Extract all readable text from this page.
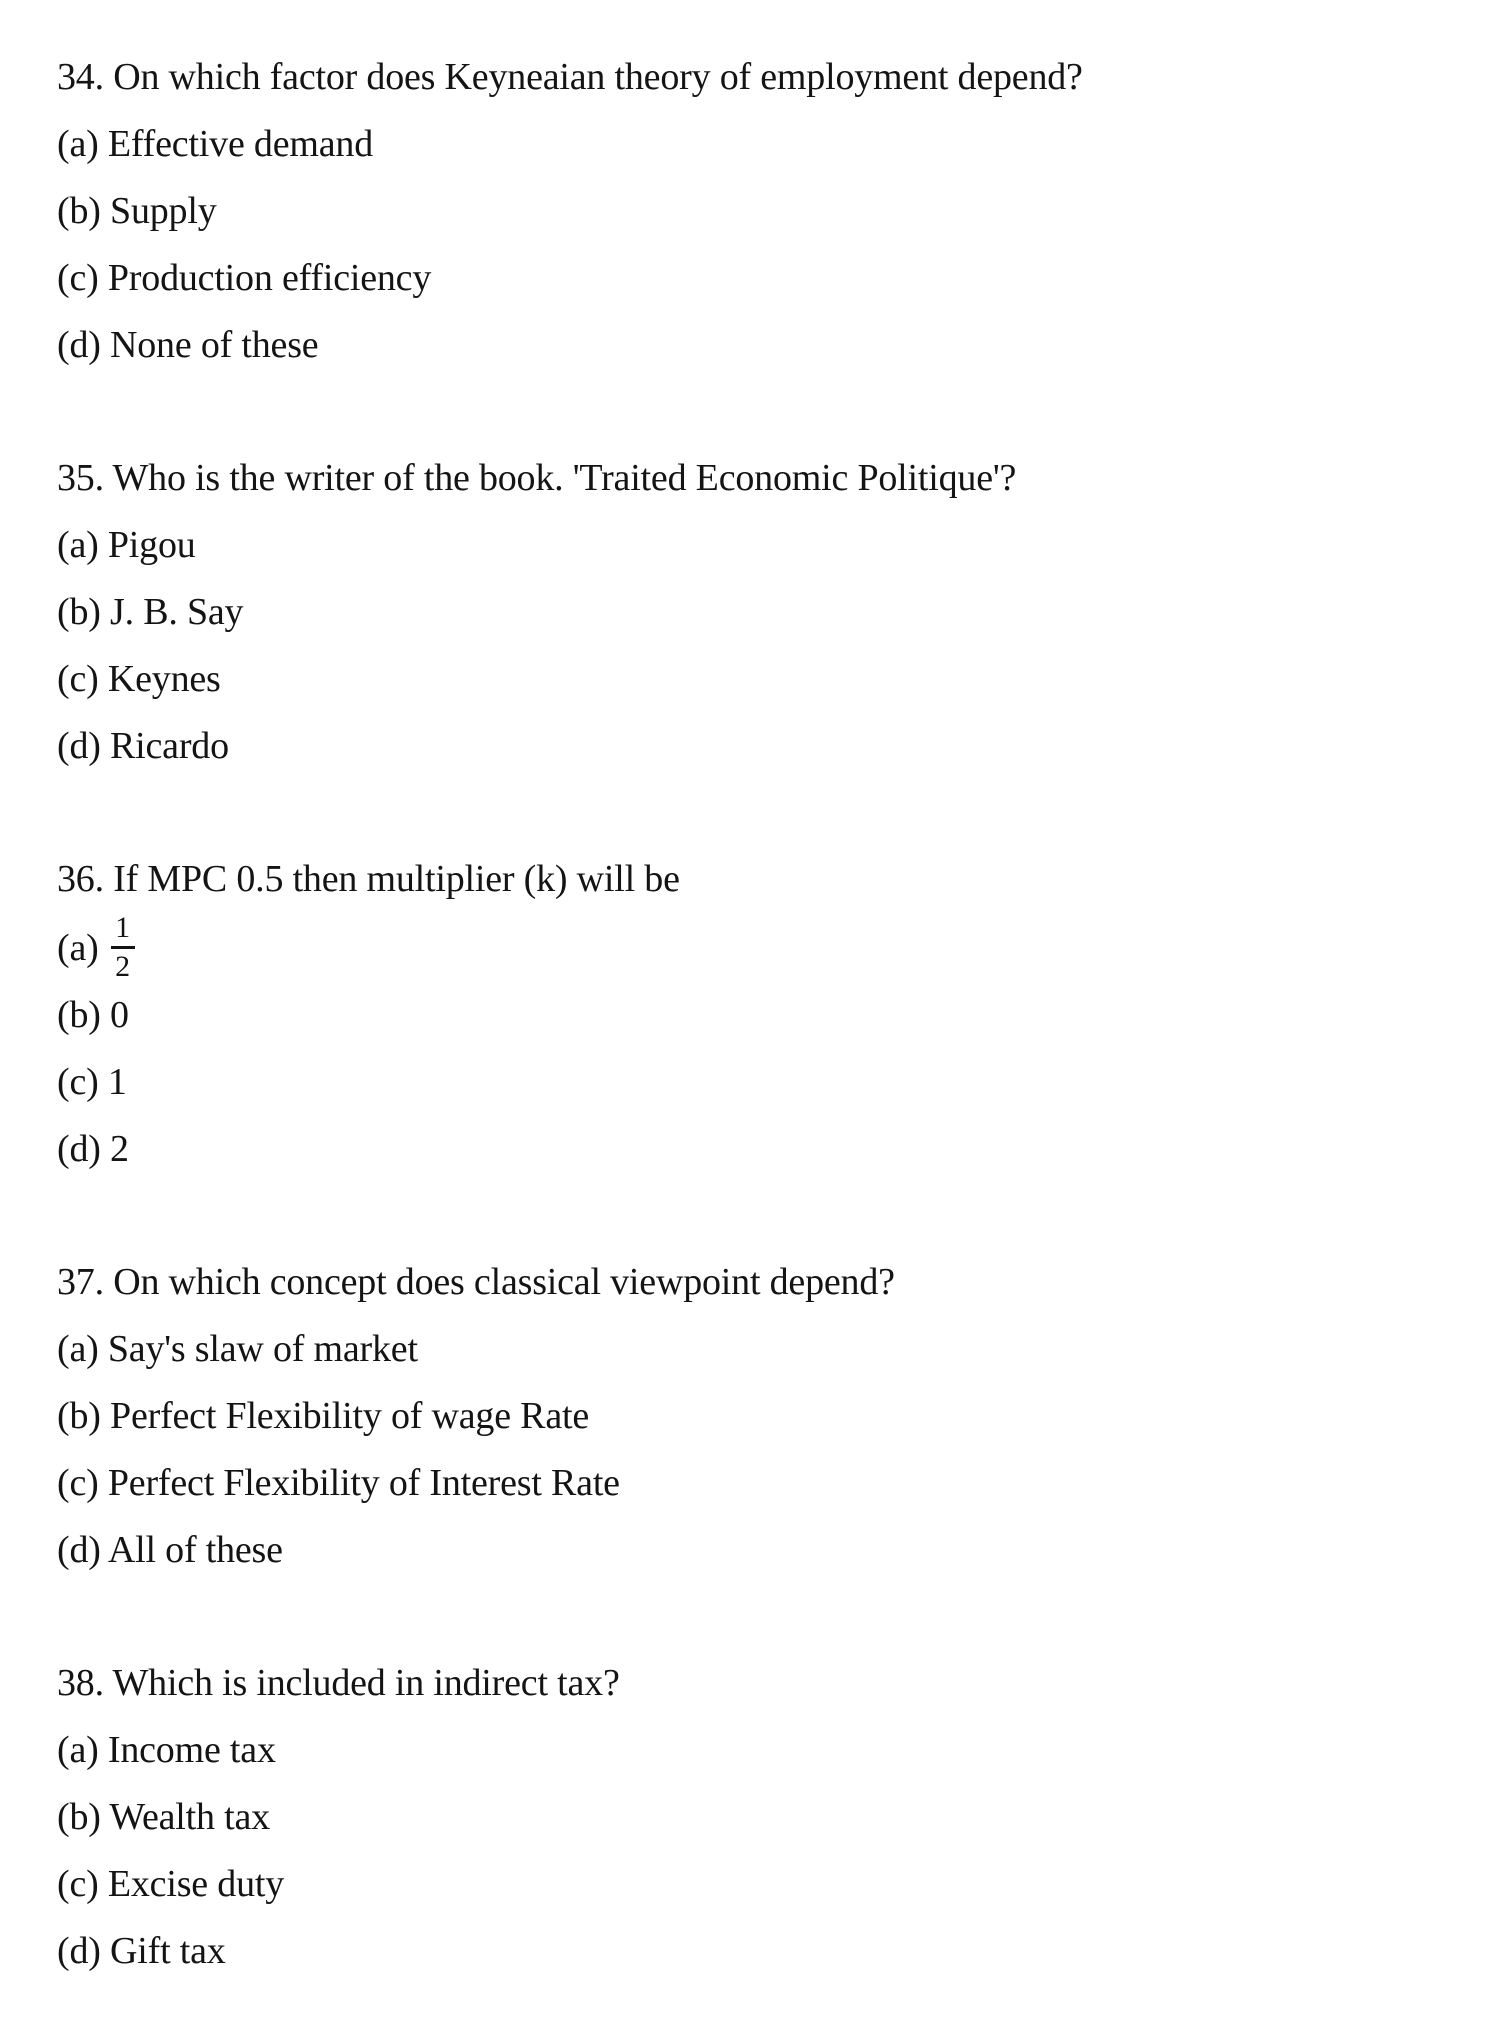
34. On which factor does Keyneaian theory of employment depend?
(a) Effective demand
(b) Supply
(c) Production efficiency
(d) None of these
35. Who is the writer of the book. 'Traited Economic Politique'?
(a) Pigou
(b) J. B. Say
(c) Keynes
(d) Ricardo
36. If MPC 0.5 then multiplier (k) will be
$(a) \frac{1}{2}$
(b) 0
(c) 1
(d) 2
37. On which concept does classical viewpoint depend?
(a) Say's slaw of market
(b) Perfect Flexibility of wage Rate
(c) Perfect Flexibility of Interest Rate
(d) All of these
38. Which is included in indirect tax?
(a) Income tax
(b) Wealth tax
(c) Excise duty
(d) Gift tax
